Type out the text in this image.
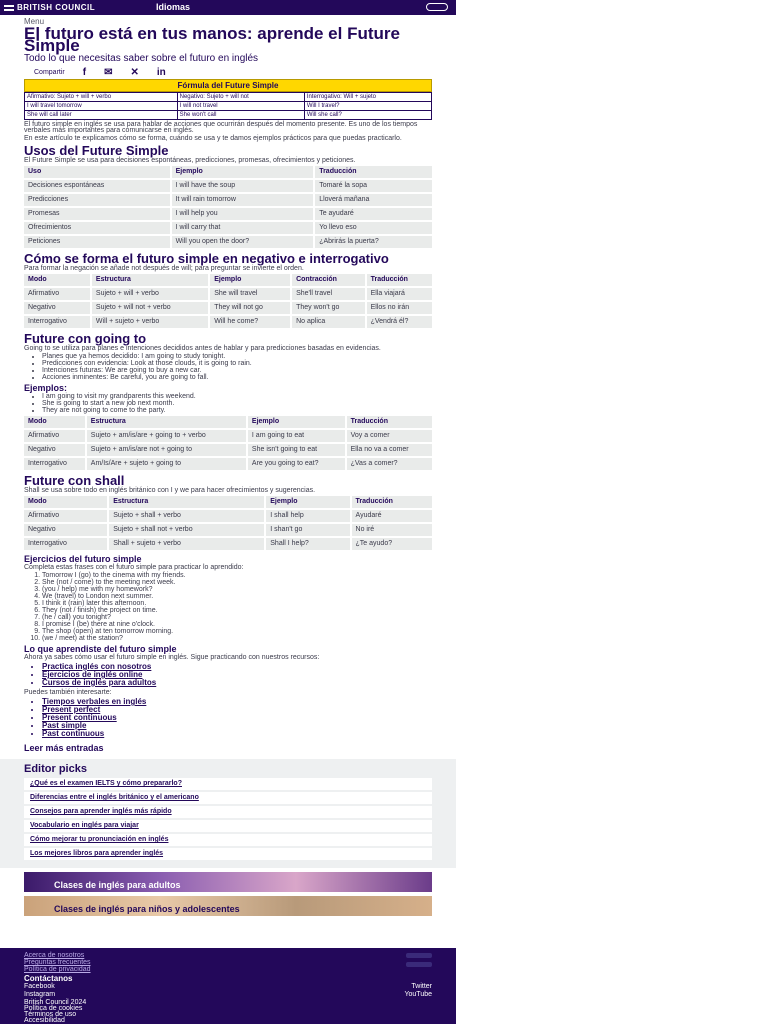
BRITISH COUNCIL	Idiomas
Menu
El futuro está en tus manos: aprende el Future Simple
Todo lo que necesitas saber sobre el futuro en inglés
Compartir f ✉ ✕ in
Fórmula del Future Simple
Afirmativo: Sujeto + will + verbo	Negativo: Sujeto + will not	Interrogativo: Will + sujeto
I will travel tomorrow	I will not travel	Will I travel?
She will call later	She won't call	Will she call?

El futuro simple en inglés se usa para hablar de acciones que ocurrirán después del momento presente. Es uno de los tiempos verbales más importantes para comunicarse en inglés.

En este artículo te explicamos cómo se forma, cuándo se usa y te damos ejemplos prácticos para que puedas practicarlo.

Usos del Future Simple

El Future Simple se usa para decisiones espontáneas, predicciones, promesas, ofrecimientos y peticiones.

Uso	Ejemplo	Traducción
Decisiones espontáneas	I will have the soup	Tomaré la sopa
Predicciones	It will rain tomorrow	Lloverá mañana
Promesas	I will help you	Te ayudaré
Ofrecimientos	I will carry that	Yo llevo eso
Peticiones	Will you open the door?	¿Abrirás la puerta?
Cómo se forma el futuro simple en negativo e interrogativo

Para formar la negación se añade not después de will; para preguntar se invierte el orden.

Modo	Estructura	Ejemplo	Contracción	Traducción
Afirmativo	Sujeto + will + verbo	She will travel	She'll travel	Ella viajará
Negativo	Sujeto + will not + verbo	They will not go	They won't go	Ellos no irán
Interrogativo	Will + sujeto + verbo	Will he come?	No aplica	¿Vendrá él?
Future con going to

Going to se utiliza para planes e intenciones decididos antes de hablar y para predicciones basadas en evidencias.

• Planes que ya hemos decidido: I am going to study tonight.
• Predicciones con evidencia: Look at those clouds, it is going to rain.
• Intenciones futuras: We are going to buy a new car.
• Acciones inminentes: Be careful, you are going to fall.
Ejemplos:
• I am going to visit my grandparents this weekend.
• She is going to start a new job next month.
• They are not going to come to the party.
Modo	Estructura	Ejemplo	Traducción
Afirmativo	Sujeto + am/is/are + going to + verbo	I am going to eat	Voy a comer
Negativo	Sujeto + am/is/are not + going to	She isn't going to eat	Ella no va a comer
Interrogativo	Am/Is/Are + sujeto + going to	Are you going to eat?	¿Vas a comer?
Future con shall

Shall se usa sobre todo en inglés británico con I y we para hacer ofrecimientos y sugerencias.

Modo	Estructura	Ejemplo	Traducción
Afirmativo	Sujeto + shall + verbo	I shall help	Ayudaré
Negativo	Sujeto + shall not + verbo	I shan't go	No iré
Interrogativo	Shall + sujeto + verbo	Shall I help?	¿Te ayudo?
Ejercicios del futuro simple

Completa estas frases con el futuro simple para practicar lo aprendido:

1. Tomorrow I (go) to the cinema with my friends.
2. She (not / come) to the meeting next week.
3. (you / help) me with my homework?
4. We (travel) to London next summer.
5. I think it (rain) later this afternoon.
6. They (not / finish) the project on time.
7. (he / call) you tonight?
8. I promise I (be) there at nine o'clock.
9. The shop (open) at ten tomorrow morning.
10. (we / meet) at the station?
Lo que aprendiste del futuro simple

Ahora ya sabes cómo usar el futuro simple en inglés. Sigue practicando con nuestros recursos:

• Practica inglés con nosotros
• Ejercicios de inglés online
• Cursos de inglés para adultos

Puedes también interesarte:

• Tiempos verbales en inglés
• Present perfect
• Present continuous
• Past simple
• Past continuous
Leer más entradas
Editor picks
¿Qué es el examen IELTS y cómo prepararlo?
Diferencias entre el inglés británico y el americano
Consejos para aprender inglés más rápido
Vocabulario en inglés para viajar
Cómo mejorar tu pronunciación en inglés
Los mejores libros para aprender inglés
Clases de inglés para adultos
Clases de inglés para niños y adolescentes
Acerca de nosotros
Preguntas frecuentes
Política de privacidad
Contáctanos
Facebook	Twitter
Instagram	YouTube
British Council 2024
Política de cookies
Términos de uso
Accesibilidad
